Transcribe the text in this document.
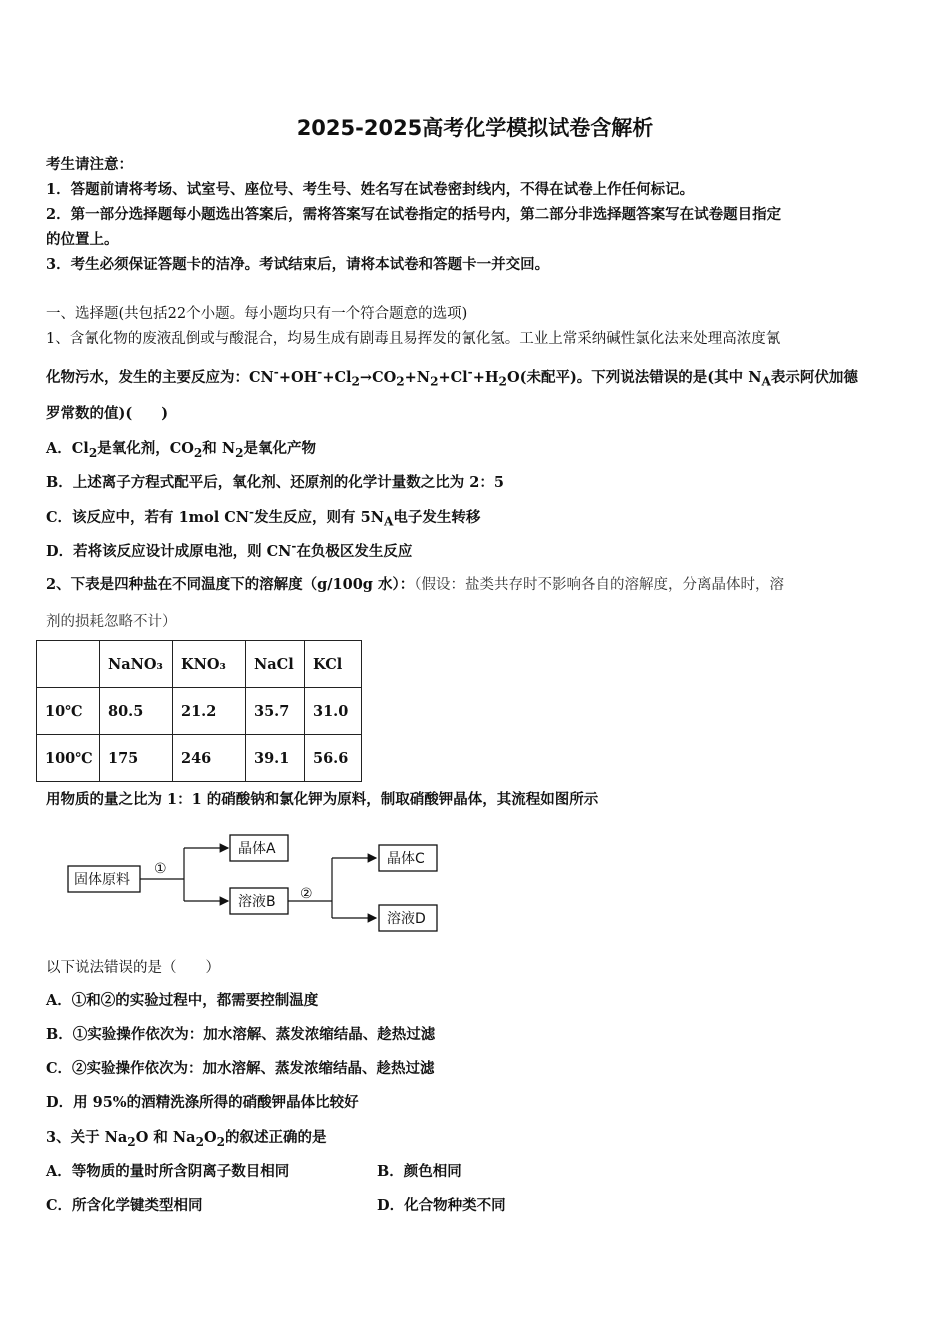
2025-2025高考化学模拟试卷含解析
考生请注意：
1．答题前请将考场、试室号、座位号、考生号、姓名写在试卷密封线内，不得在试卷上作任何标记。
2．第一部分选择题每小题选出答案后，需将答案写在试卷指定的括号内，第二部分非选择题答案写在试卷题目指定
的位置上。
3．考生必须保证答题卡的洁净。考试结束后，请将本试卷和答题卡一并交回。
一、选择题(共包括22个小题。每小题均只有一个符合题意的选项)
1、含氰化物的废液乱倒或与酸混合，均易生成有剧毒且易挥发的氰化氢。工业上常采纳碱性氯化法来处理高浓度氰
化物污水，发生的主要反应为：$CN^-+OH^-+Cl_2\to CO_2+N_2+Cl^-+H_2O$(未配平)。下列说法错误的是(其中 $N_A$表示阿伏加德
罗常数的值)(　　)
A．$Cl_2$是氧化剂，$CO_2$和 $N_2$是氧化产物
B．上述离子方程式配平后，氧化剂、还原剂的化学计量数之比为 2：5
C．该反应中，若有 1mol CN-发生反应，则有 $5N_A$电子发生转移
D．若将该反应设计成原电池，则 CN-在负极区发生反应
2、下表是四种盐在不同温度下的溶解度（g/100g 水）：（假设：盐类共存时不影响各自的溶解度，分离晶体时，溶
剂的损耗忽略不计）
	NaNO₃	KNO₃	NaCl	KCl
10℃	80.5	21.2	35.7	31.0
100℃	175	246	39.1	56.6
用物质的量之比为 1：1 的硝酸钠和氯化钾为原料，制取硝酸钾晶体，其流程如图所示
固体原料
①
晶体A
溶液B ②
晶体C
溶液D
以下说法错误的是（　　）
A．①和②的实验过程中，都需要控制温度
B．①实验操作依次为：加水溶解、蒸发浓缩结晶、趁热过滤
C．②实验操作依次为：加水溶解、蒸发浓缩结晶、趁热过滤
D．用 95%的酒精洗涤所得的硝酸钾晶体比较好
3、关于 $Na_2O$ 和 $Na_2O_2$的叙述正确的是
A．等物质的量时所含阴离子数目相同	B．颜色相同
C．所含化学键类型相同	D．化合物种类不同
